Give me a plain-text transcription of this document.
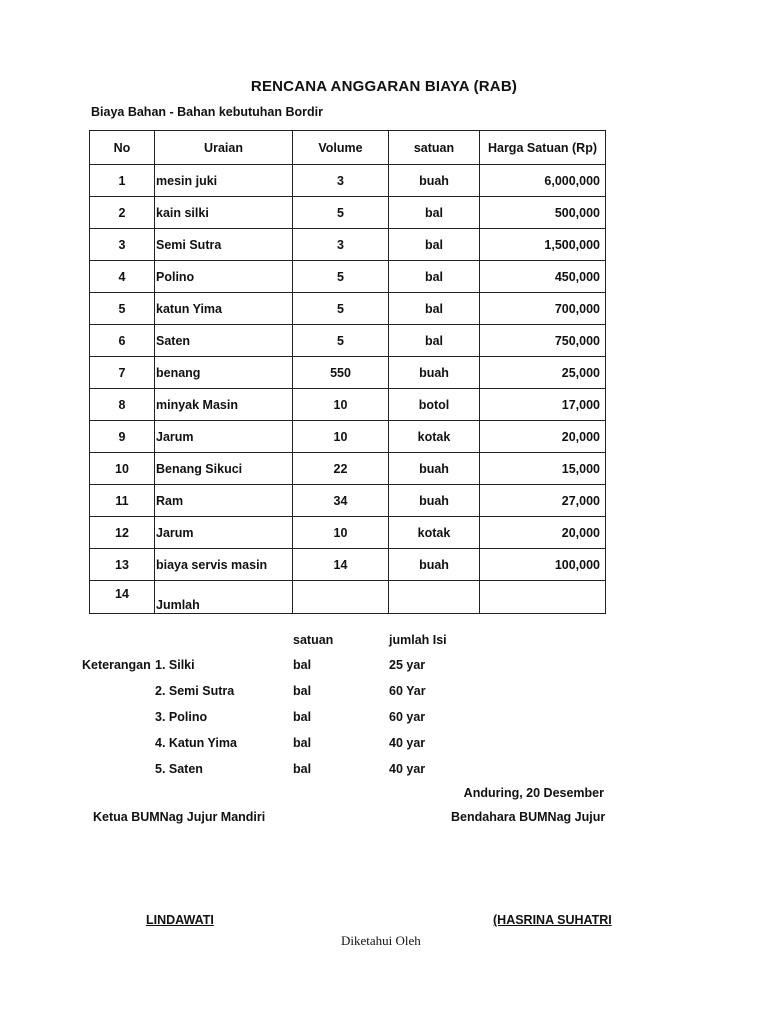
RENCANA ANGGARAN BIAYA (RAB)
Biaya Bahan - Bahan kebutuhan Bordir
No	Uraian	Volume	satuan	Harga Satuan (Rp)
1	mesin juki	3	buah	6,000,000
2	kain silki	5	bal	500,000
3	Semi Sutra	3	bal	1,500,000
4	Polino	5	bal	450,000
5	katun Yima	5	bal	700,000
6	Saten	5	bal	750,000
7	benang	550	buah	25,000
8	minyak Masin	10	botol	17,000
9	Jarum	10	kotak	20,000
10	Benang Sikuci	22	buah	15,000
11	Ram	34	buah	27,000
12	Jarum	10	kotak	20,000
13	biaya servis masin	14	buah	100,000
14	Jumlah			
satuan	jumlah Isi
Keterangan 1. Silki	bal	25 yar
2. Semi Sutra	bal	60 Yar
3. Polino	bal	60 yar
4. Katun Yima	bal	40 yar
5. Saten	bal	40 yar
Anduring, 20 Desember
Ketua BUMNag Jujur Mandiri	Bendahara BUMNag Jujur
LINDAWATI	(HASRINA SUHATRI
Diketahui Oleh
